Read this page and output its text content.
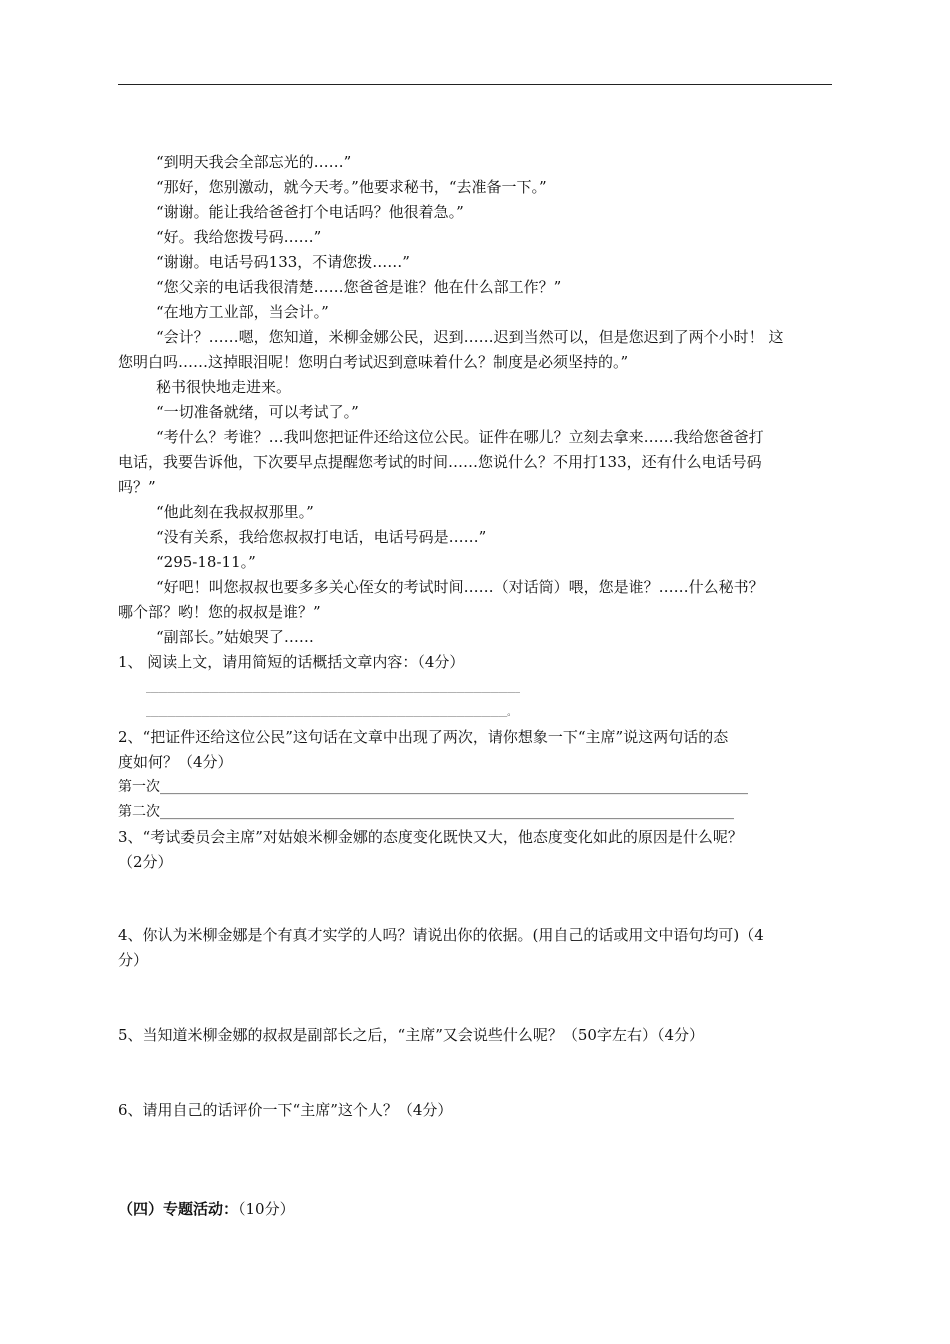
“到明天我会全部忘光的……”
“那好，您别激动，就今天考。”他要求秘书，“去准备一下。”
“谢谢。能让我给爸爸打个电话吗？他很着急。”
“好。我给您拨号码……”
“谢谢。电话号码133，不请您拨……”
“您父亲的电话我很清楚……您爸爸是谁？他在什么部工作？”
“在地方工业部，当会计。”
“会计？……嗯，您知道，米柳金娜公民，迟到……迟到当然可以，但是您迟到了两个小时！ 这
您明白吗……这掉眼泪呢！您明白考试迟到意味着什么？制度是必须坚持的。”
秘书很快地走进来。
“一切准备就绪，可以考试了。”
“考什么？考谁？…我叫您把证件还给这位公民。证件在哪儿？立刻去拿来……我给您爸爸打
电话，我要告诉他，下次要早点提醒您考试的时间……您说什么？不用打133，还有什么电话号码
吗？”
“他此刻在我叔叔那里。”
“没有关系，我给您叔叔打电话，电话号码是……”
“295-18-11。”
“好吧！叫您叔叔也要多多关心侄女的考试时间……（对话筒）喂，您是谁？……什么秘书？
哪个部？哟！您的叔叔是谁？”
“副部长。”姑娘哭了……
1、 阅读上文，请用简短的话概括文章内容：（4分）
________________________________________________________________________________________
_____________________________________________________________________________________。
2、“把证件还给这位公民”这句话在文章中出现了两次，请你想象一下“主席”说这两句话的态
度如何？（4分）
第一次____________________________________________________________________________________
第二次__________________________________________________________________________________
3、“考试委员会主席”对姑娘米柳金娜的态度变化既快又大，他态度变化如此的原因是什么呢？
（2分）
4、你认为米柳金娜是个有真才实学的人吗？请说出你的依据。(用自己的话或用文中语句均可)（4
分）
5、当知道米柳金娜的叔叔是副部长之后，“主席”又会说些什么呢？（50字左右）（4分）
6、请用自己的话评价一下“主席”这个人？（4分）
（四）专题活动：（10分）
